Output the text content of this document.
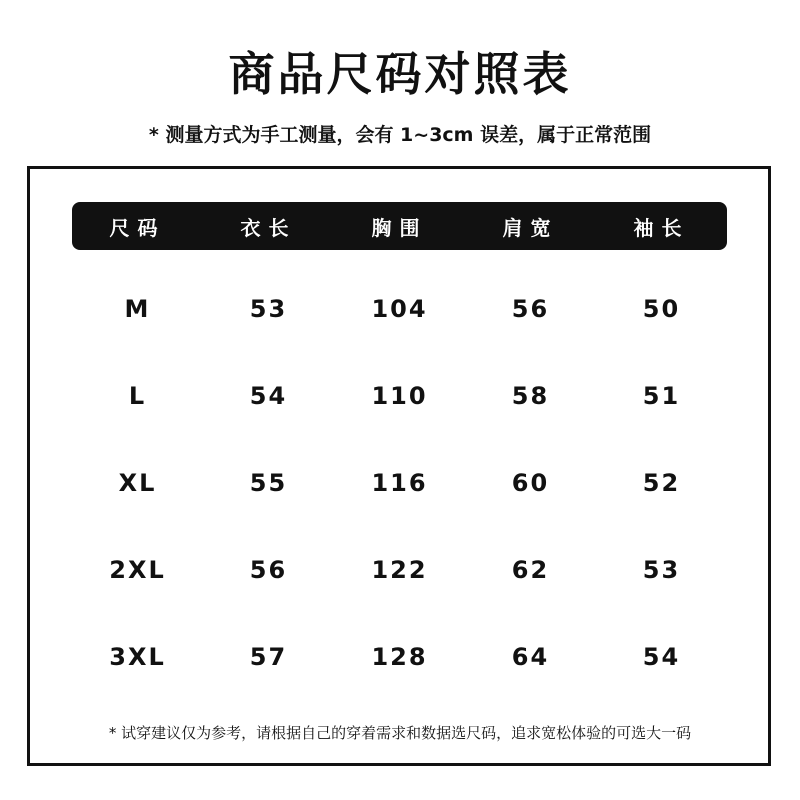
商品尺码对照表
* 测量方式为手工测量，会有 1~3cm 误差，属于正常范围
尺码	衣长	胸围	肩宽	袖长
M	53	104	56	50
L	54	110	58	51
XL	55	116	60	52
2XL	56	122	62	53
3XL	57	128	64	54
* 试穿建议仅为参考，请根据自己的穿着需求和数据选尺码，追求宽松体验的可选大一码
